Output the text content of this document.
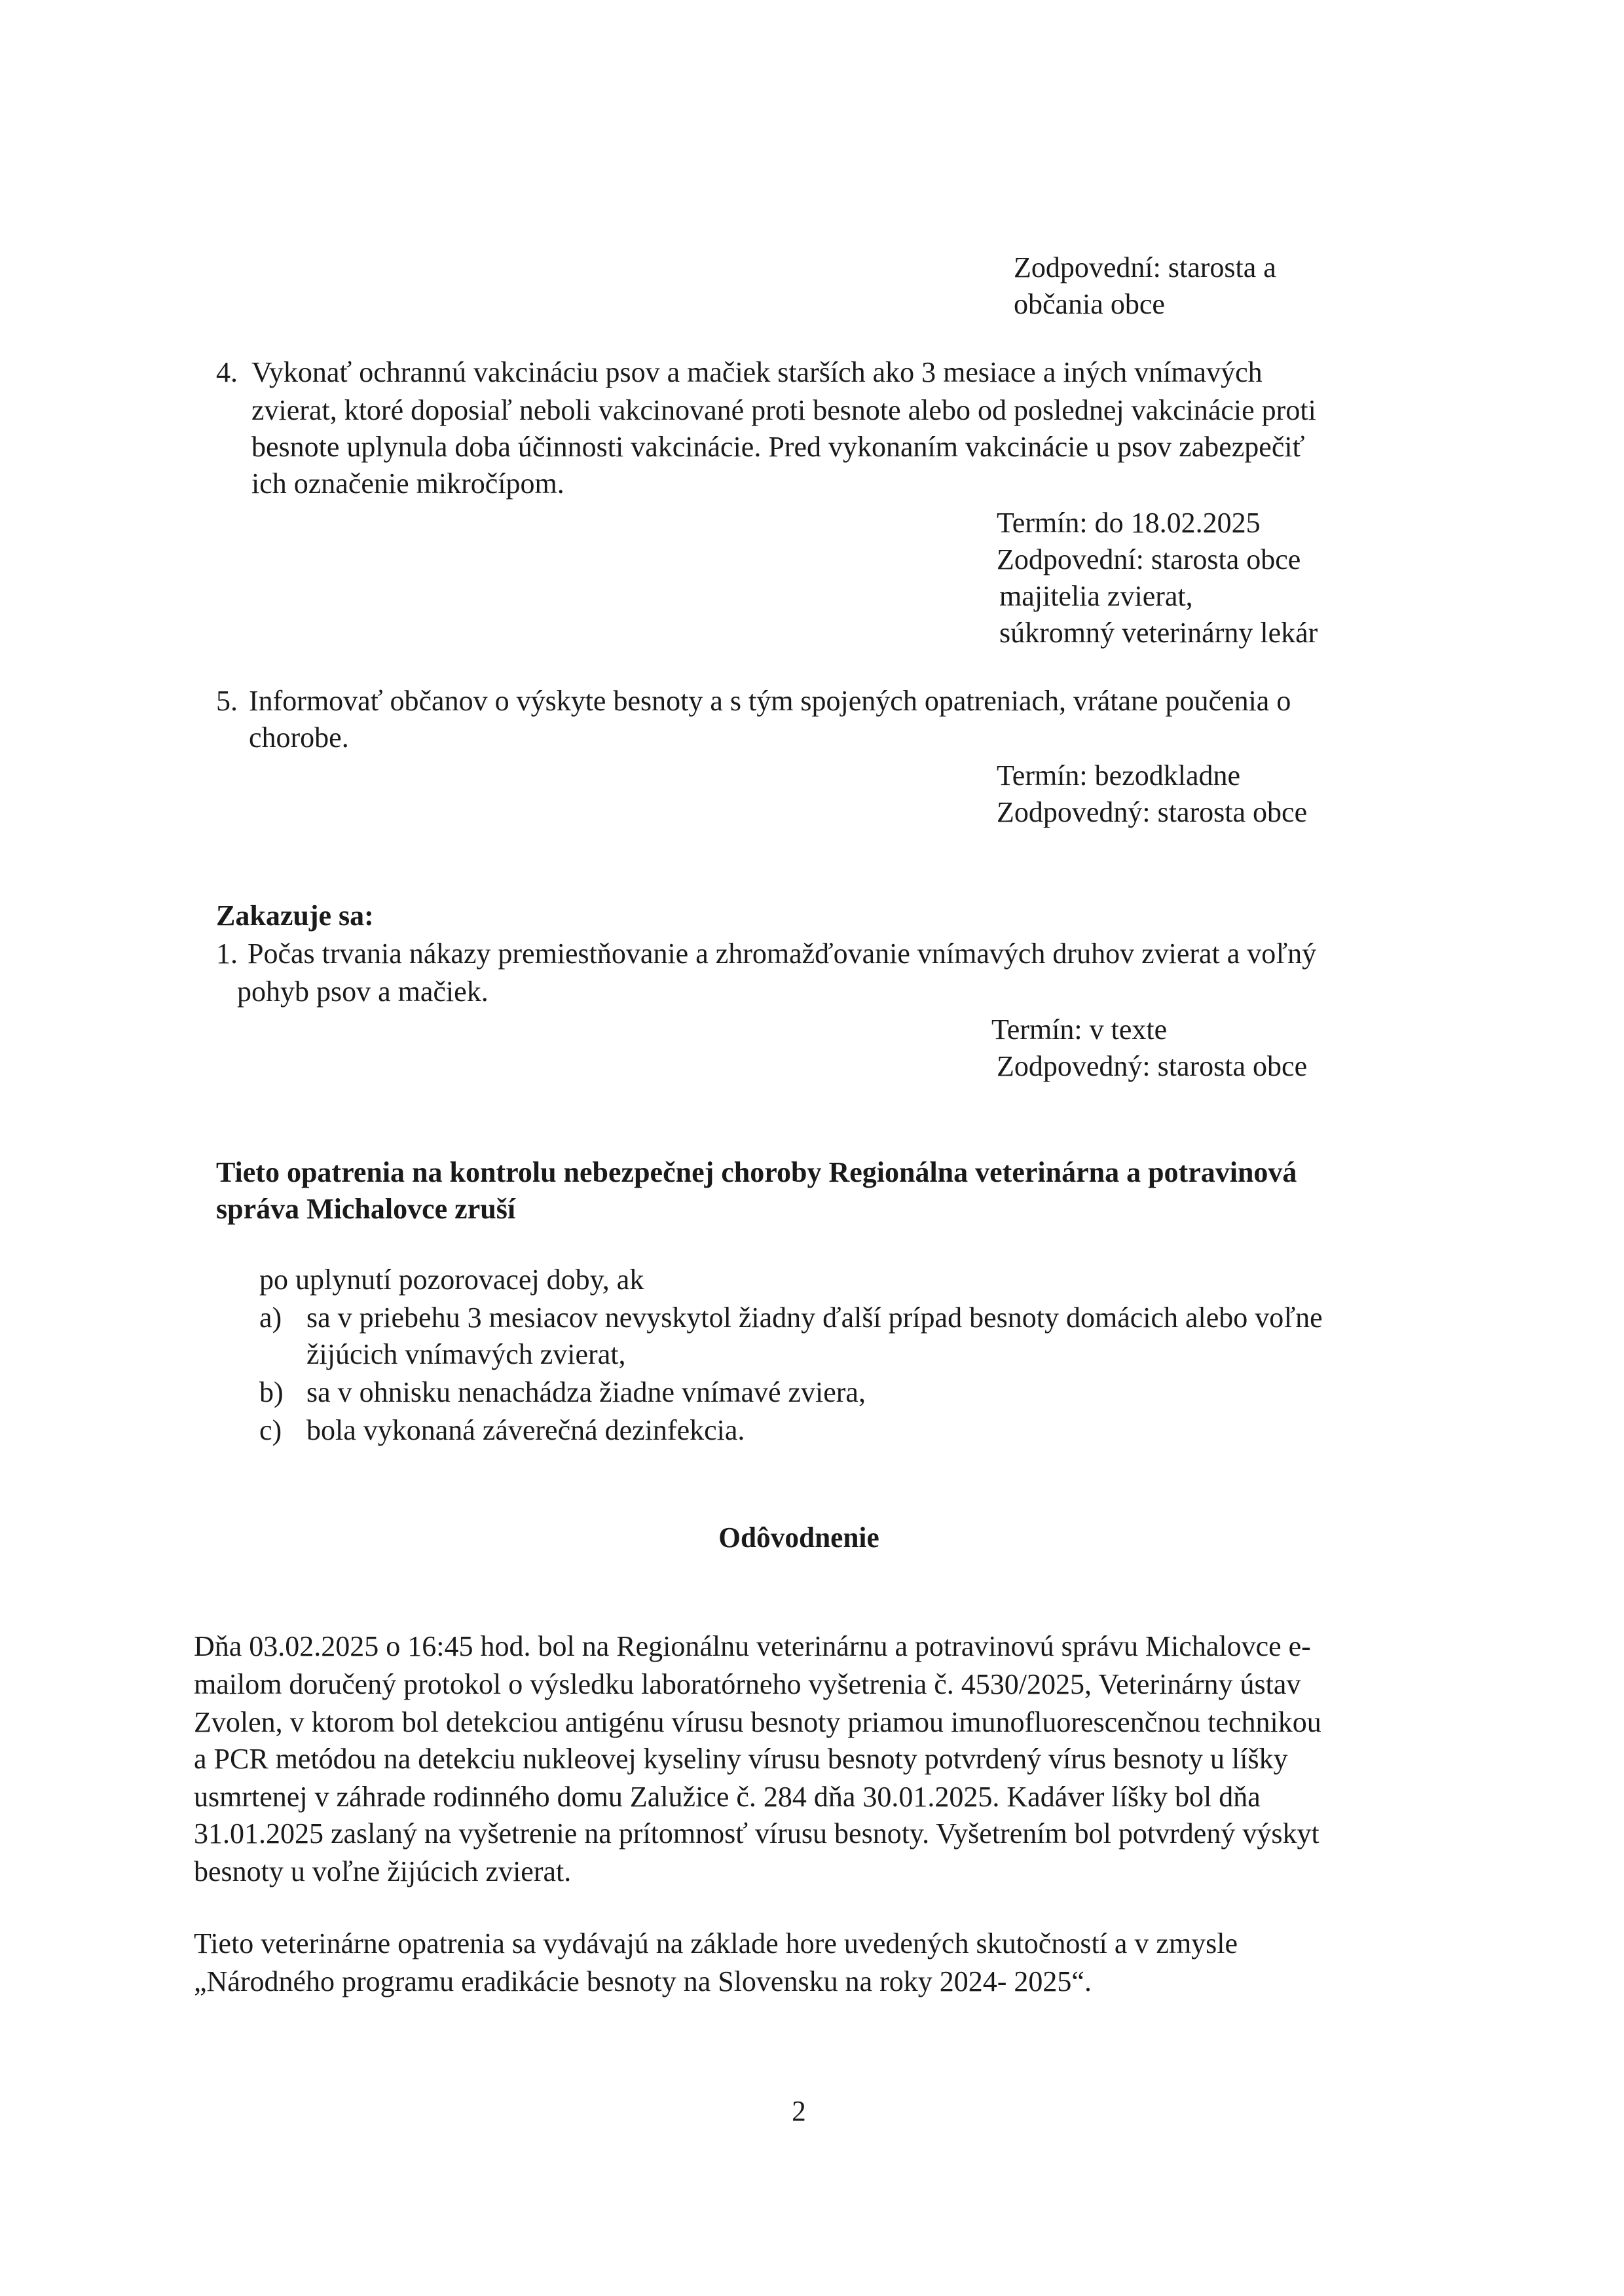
Zodpovední: starosta a
občania obce
4. Vykonať ochrannú vakcináciu psov a mačiek starších ako 3 mesiace a iných vnímavých
zvierat, ktoré doposiaľ neboli vakcinované proti besnote alebo od poslednej vakcinácie proti
besnote uplynula doba účinnosti vakcinácie. Pred vykonaním vakcinácie u psov zabezpečiť
ich označenie mikročípom.
Termín: do 18.02.2025
Zodpovední: starosta obce
majitelia zvierat,
súkromný veterinárny lekár
5. Informovať občanov o výskyte besnoty a s tým spojených opatreniach, vrátane poučenia o
chorobe.
Termín: bezodkladne
Zodpovedný: starosta obce
Zakazuje sa:
1. Počas trvania nákazy premiestňovanie a zhromažďovanie vnímavých druhov zvierat a voľný
pohyb psov a mačiek.
Termín: v texte
Zodpovedný: starosta obce
Tieto opatrenia na kontrolu nebezpečnej choroby Regionálna veterinárna a potravinová
správa Michalovce zruší
po uplynutí pozorovacej doby, ak
a) sa v priebehu 3 mesiacov nevyskytol žiadny ďalší prípad besnoty domácich alebo voľne
žijúcich vnímavých zvierat,
b) sa v ohnisku nenachádza žiadne vnímavé zviera,
c) bola vykonaná záverečná dezinfekcia.
Odôvodnenie
Dňa 03.02.2025 o 16:45 hod. bol na Regionálnu veterinárnu a potravinovú správu Michalovce e-
mailom doručený protokol o výsledku laboratórneho vyšetrenia č. 4530/2025, Veterinárny ústav
Zvolen, v ktorom bol detekciou antigénu vírusu besnoty priamou imunofluorescenčnou technikou
a PCR metódou na detekciu nukleovej kyseliny vírusu besnoty potvrdený vírus besnoty u líšky
usmrtenej v záhrade rodinného domu Zalužice č. 284 dňa 30.01.2025. Kadáver líšky bol dňa
31.01.2025 zaslaný na vyšetrenie na prítomnosť vírusu besnoty. Vyšetrením bol potvrdený výskyt
besnoty u voľne žijúcich zvierat.
Tieto veterinárne opatrenia sa vydávajú na základe hore uvedených skutočností a v zmysle
„Národného programu eradikácie besnoty na Slovensku na roky 2024- 2025“.
2
